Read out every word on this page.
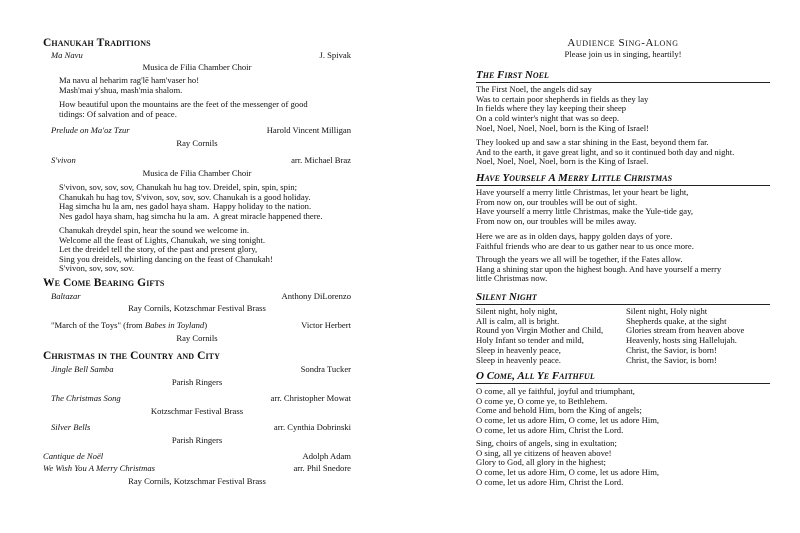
Chanukah Traditions
Ma Navu	J. Spivak
Musica de Filia Chamber Choir
Ma navu al heharim rag'lē ham'vaser ho!
Mash'mai y'shua, mash'mia shalom.
How beautiful upon the mountains are the feet of the messenger of good
tidings: Of salvation and of peace.
Prelude on Ma'oz Tzur	Harold Vincent Milligan
Ray Cornils
S'vivon	arr. Michael Braz
Musica de Filia Chamber Choir
S'vivon, sov, sov, sov, Chanukah hu hag tov.
Chanukah hu hag tov, S'vivon, sov, sov, sov.
Hag simcha hu la am, nes gadol haya sham.
Nes gadol haya sham, hag simcha hu la am.
Dreidel, spin, spin, spin;
Chanukah is a good holiday.
Happy holiday to the nation.
A great miracle happened there.
Chanukah dreydel spin, hear the sound we welcome in.
Welcome all the feast of Lights, Chanukah, we sing tonight.
Let the dreidel tell the story, of the past and present glory,
Sing you dreidels, whirling dancing on the feast of Chanukah!
S'vivon, sov, sov, sov.
We Come Bearing Gifts
Baltazar	Anthony DiLorenzo
Ray Cornils, Kotzschmar Festival Brass
"March of the Toys" (from Babes in Toyland)	Victor Herbert
Ray Cornils
Christmas in the Country and City
Jingle Bell Samba	Sondra Tucker
Parish Ringers
The Christmas Song	arr. Christopher Mowat
Kotzschmar Festival Brass
Silver Bells	arr. Cynthia Dobrinski
Parish Ringers
Cantique de Noël	Adolph Adam
We Wish You A Merry Christmas	arr. Phil Snedore
Ray Cornils, Kotzschmar Festival Brass
Audience Sing-Along
Please join us in singing, heartily!
The First Noel
The First Noel, the angels did say
Was to certain poor shepherds in fields as they lay
In fields where they lay keeping their sheep
On a cold winter's night that was so deep.
Noel, Noel, Noel, Noel, born is the King of Israel!
They looked up and saw a star shining in the East, beyond them far.
And to the earth, it gave great light, and so it continued both day and night.
Noel, Noel, Noel, Noel, born is the King of Israel.
Have Yourself A Merry Little Christmas
Have yourself a merry little Christmas, let your heart be light,
From now on, our troubles will be out of sight.
Have yourself a merry little Christmas, make the Yule-tide gay,
From now on, our troubles will be miles away.
Here we are as in olden days, happy golden days of yore.
Faithful friends who are dear to us gather near to us once more.
Through the years we all will be together, if the Fates allow.
Hang a shining star upon the highest bough. And have yourself a merry
little Christmas now.
Silent Night
Silent night, holy night,
All is calm, all is bright.
Round yon Virgin Mother and Child,
Holy Infant so tender and mild,
Sleep in heavenly peace,
Sleep in heavenly peace.
Silent night, Holy night
Shepherds quake, at the sight
Glories stream from heaven above
Heavenly, hosts sing Hallelujah.
Christ, the Savior, is born!
Christ, the Savior, is born!
O Come, All Ye Faithful
O come, all ye faithful, joyful and triumphant,
O come ye, O come ye, to Bethlehem.
Come and behold Him, born the King of angels;
O come, let us adore Him, O come, let us adore Him,
O come, let us adore Him, Christ the Lord.
Sing, choirs of angels, sing in exultation;
O sing, all ye citizens of heaven above!
Glory to God, all glory in the highest;
O come, let us adore Him, O come, let us adore Him,
O come, let us adore Him, Christ the Lord.
